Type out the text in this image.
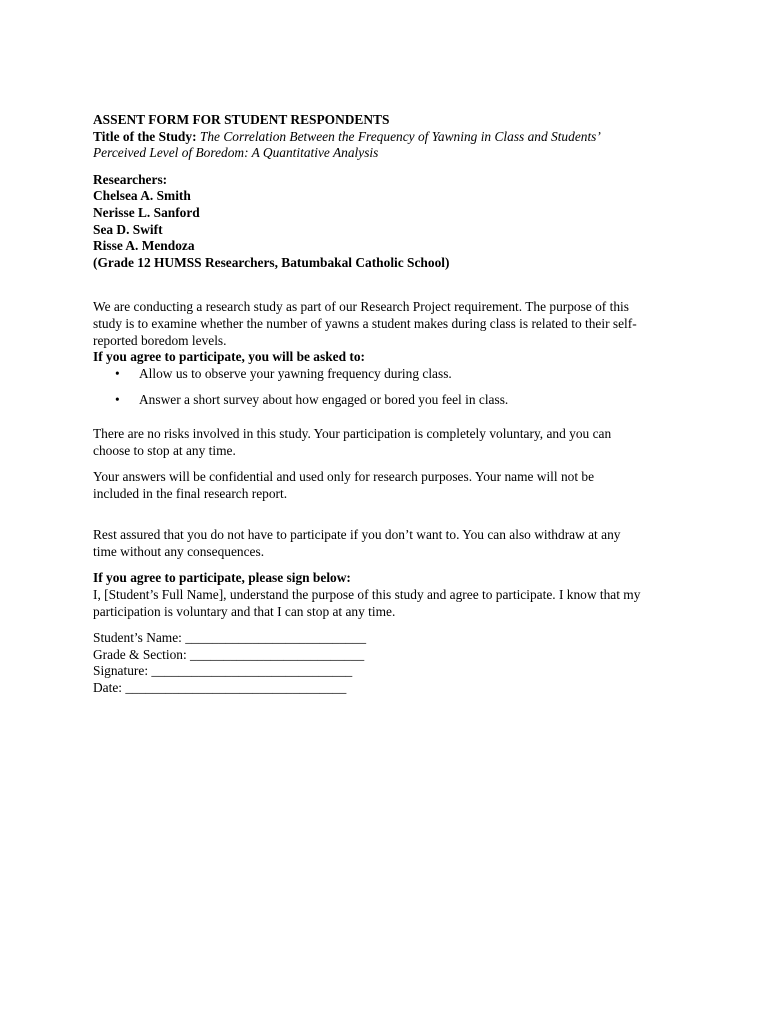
ASSENT FORM FOR STUDENT RESPONDENTS

Title of the Study: The Correlation Between the Frequency of Yawning in Class and Students’
Perceived Level of Boredom: A Quantitative Analysis
Researchers:
Chelsea A. Smith
Nerisse L. Sanford
Sea D. Swift
Risse A. Mendoza
(Grade 12 HUMSS Researchers, Batumbakal Catholic School)
We are conducting a research study as part of our Research Project requirement. The purpose of this
study is to examine whether the number of yawns a student makes during class is related to their self-
reported boredom levels.

If you agree to participate, you will be asked to:

• Allow us to observe your yawning frequency during class.
• Answer a short survey about how engaged or bored you feel in class.
There are no risks involved in this study. Your participation is completely voluntary, and you can
choose to stop at any time.
Your answers will be confidential and used only for research purposes. Your name will not be
included in the final research report.
Rest assured that you do not have to participate if you don’t want to. You can also withdraw at any
time without any consequences.

If you agree to participate, please sign below:

I, [Student’s Full Name], understand the purpose of this study and agree to participate. I know that my
participation is voluntary and that I can stop at any time.
Student’s Name: ___________________________
Grade & Section: __________________________
Signature: ______________________________
Date: _________________________________
